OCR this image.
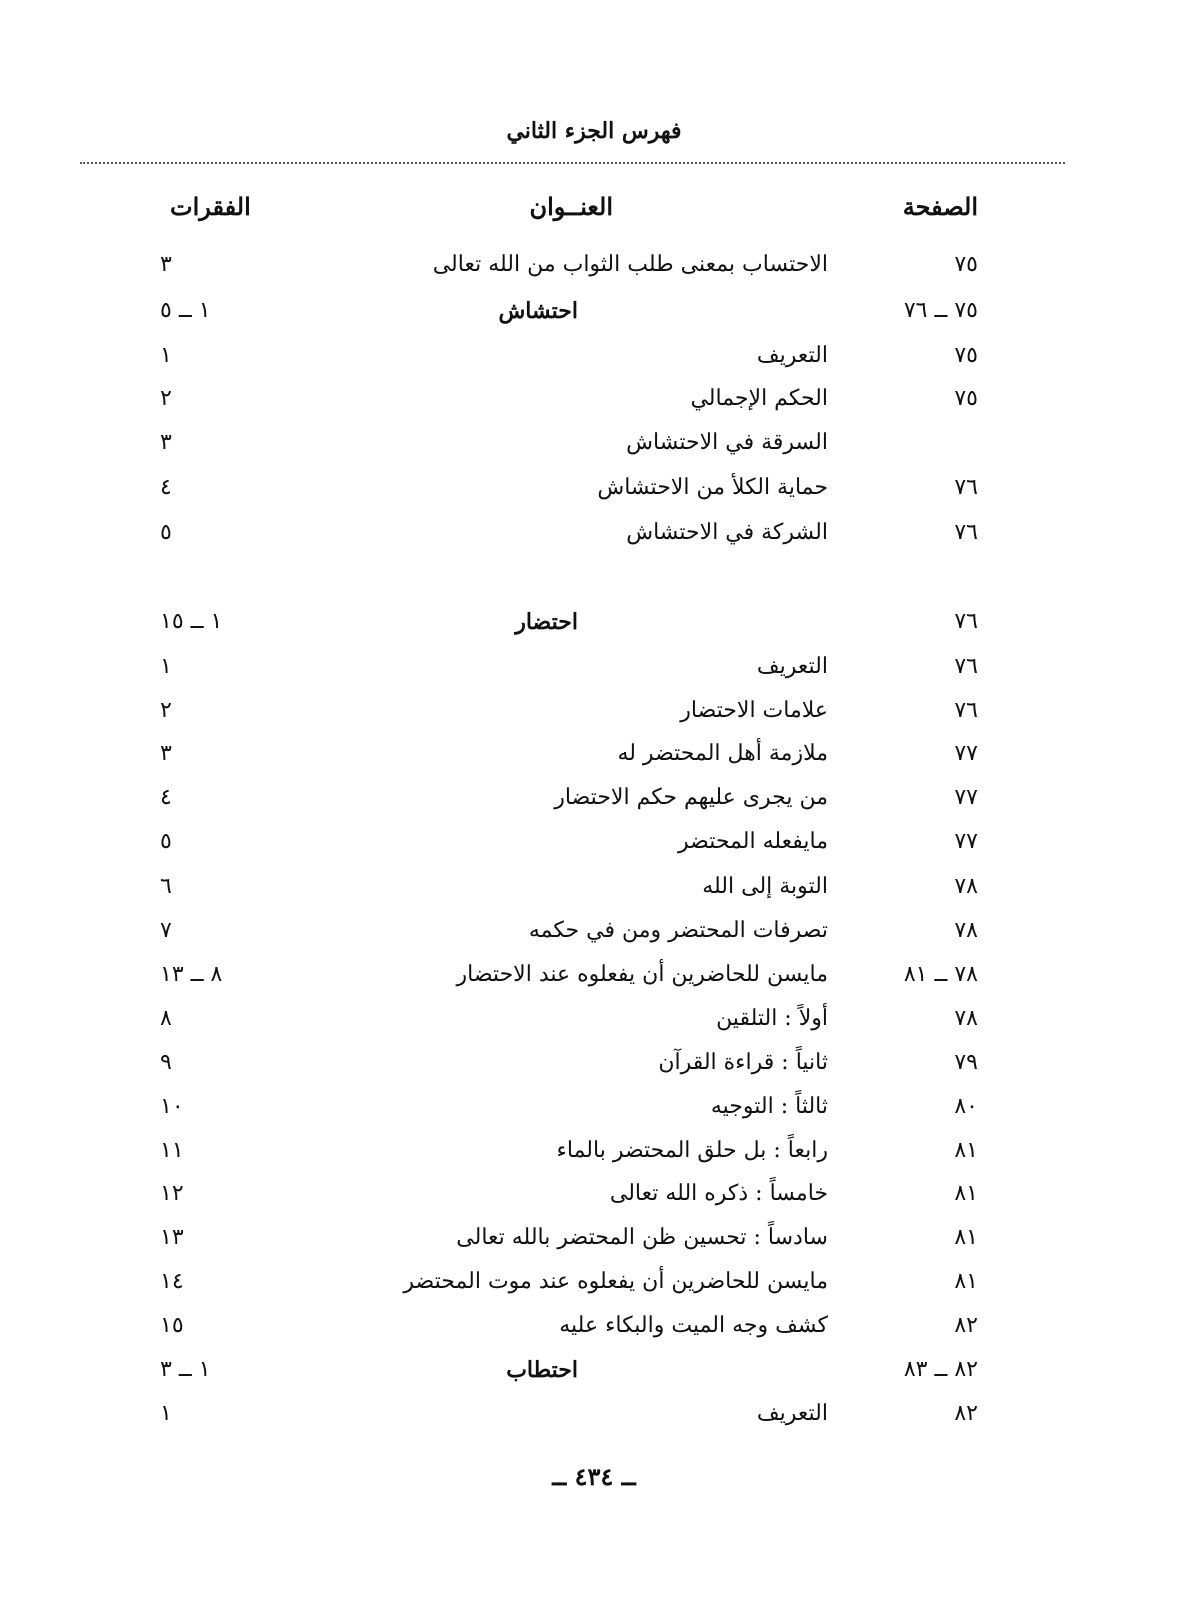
فهرس الجزء الثاني
الصفحة
العنــوان
الفقرات
٧٥
الاحتساب بمعنى طلب الثواب من الله تعالى
٣
٧٥ ــ ٧٦
احتشاش
١ ــ ٥
٧٥
التعريف
١
٧٥
الحكم الإجمالي
٢
السرقة في الاحتشاش
٣
٧٦
حماية الكلأ من الاحتشاش
٤
٧٦
الشركة في الاحتشاش
٥
٧٦
احتضار
١ ــ ١٥
٧٦
التعريف
١
٧٦
علامات الاحتضار
٢
٧٧
ملازمة أهل المحتضر له
٣
٧٧
من يجرى عليهم حكم الاحتضار
٤
٧٧
مايفعله المحتضر
٥
٧٨
التوبة إلى الله
٦
٧٨
تصرفات المحتضر ومن في حكمه
٧
٧٨ ــ ٨١
مايسن للحاضرين أن يفعلوه عند الاحتضار
٨ ــ ١٣
٧٨
أولاً : التلقين
٨
٧٩
ثانياً : قراءة القرآن
٩
٨٠
ثالثاً : التوجيه
١٠
٨١
رابعاً : بل حلق المحتضر بالماء
١١
٨١
خامساً : ذكره الله تعالى
١٢
٨١
سادساً : تحسين ظن المحتضر بالله تعالى
١٣
٨١
مايسن للحاضرين أن يفعلوه عند موت المحتضر
١٤
٨٢
كشف وجه الميت والبكاء عليه
١٥
٨٢ ــ ٨٣
احتطاب
١ ــ ٣
٨٢
التعريف
١
ــ ٤٣٤ ــ
